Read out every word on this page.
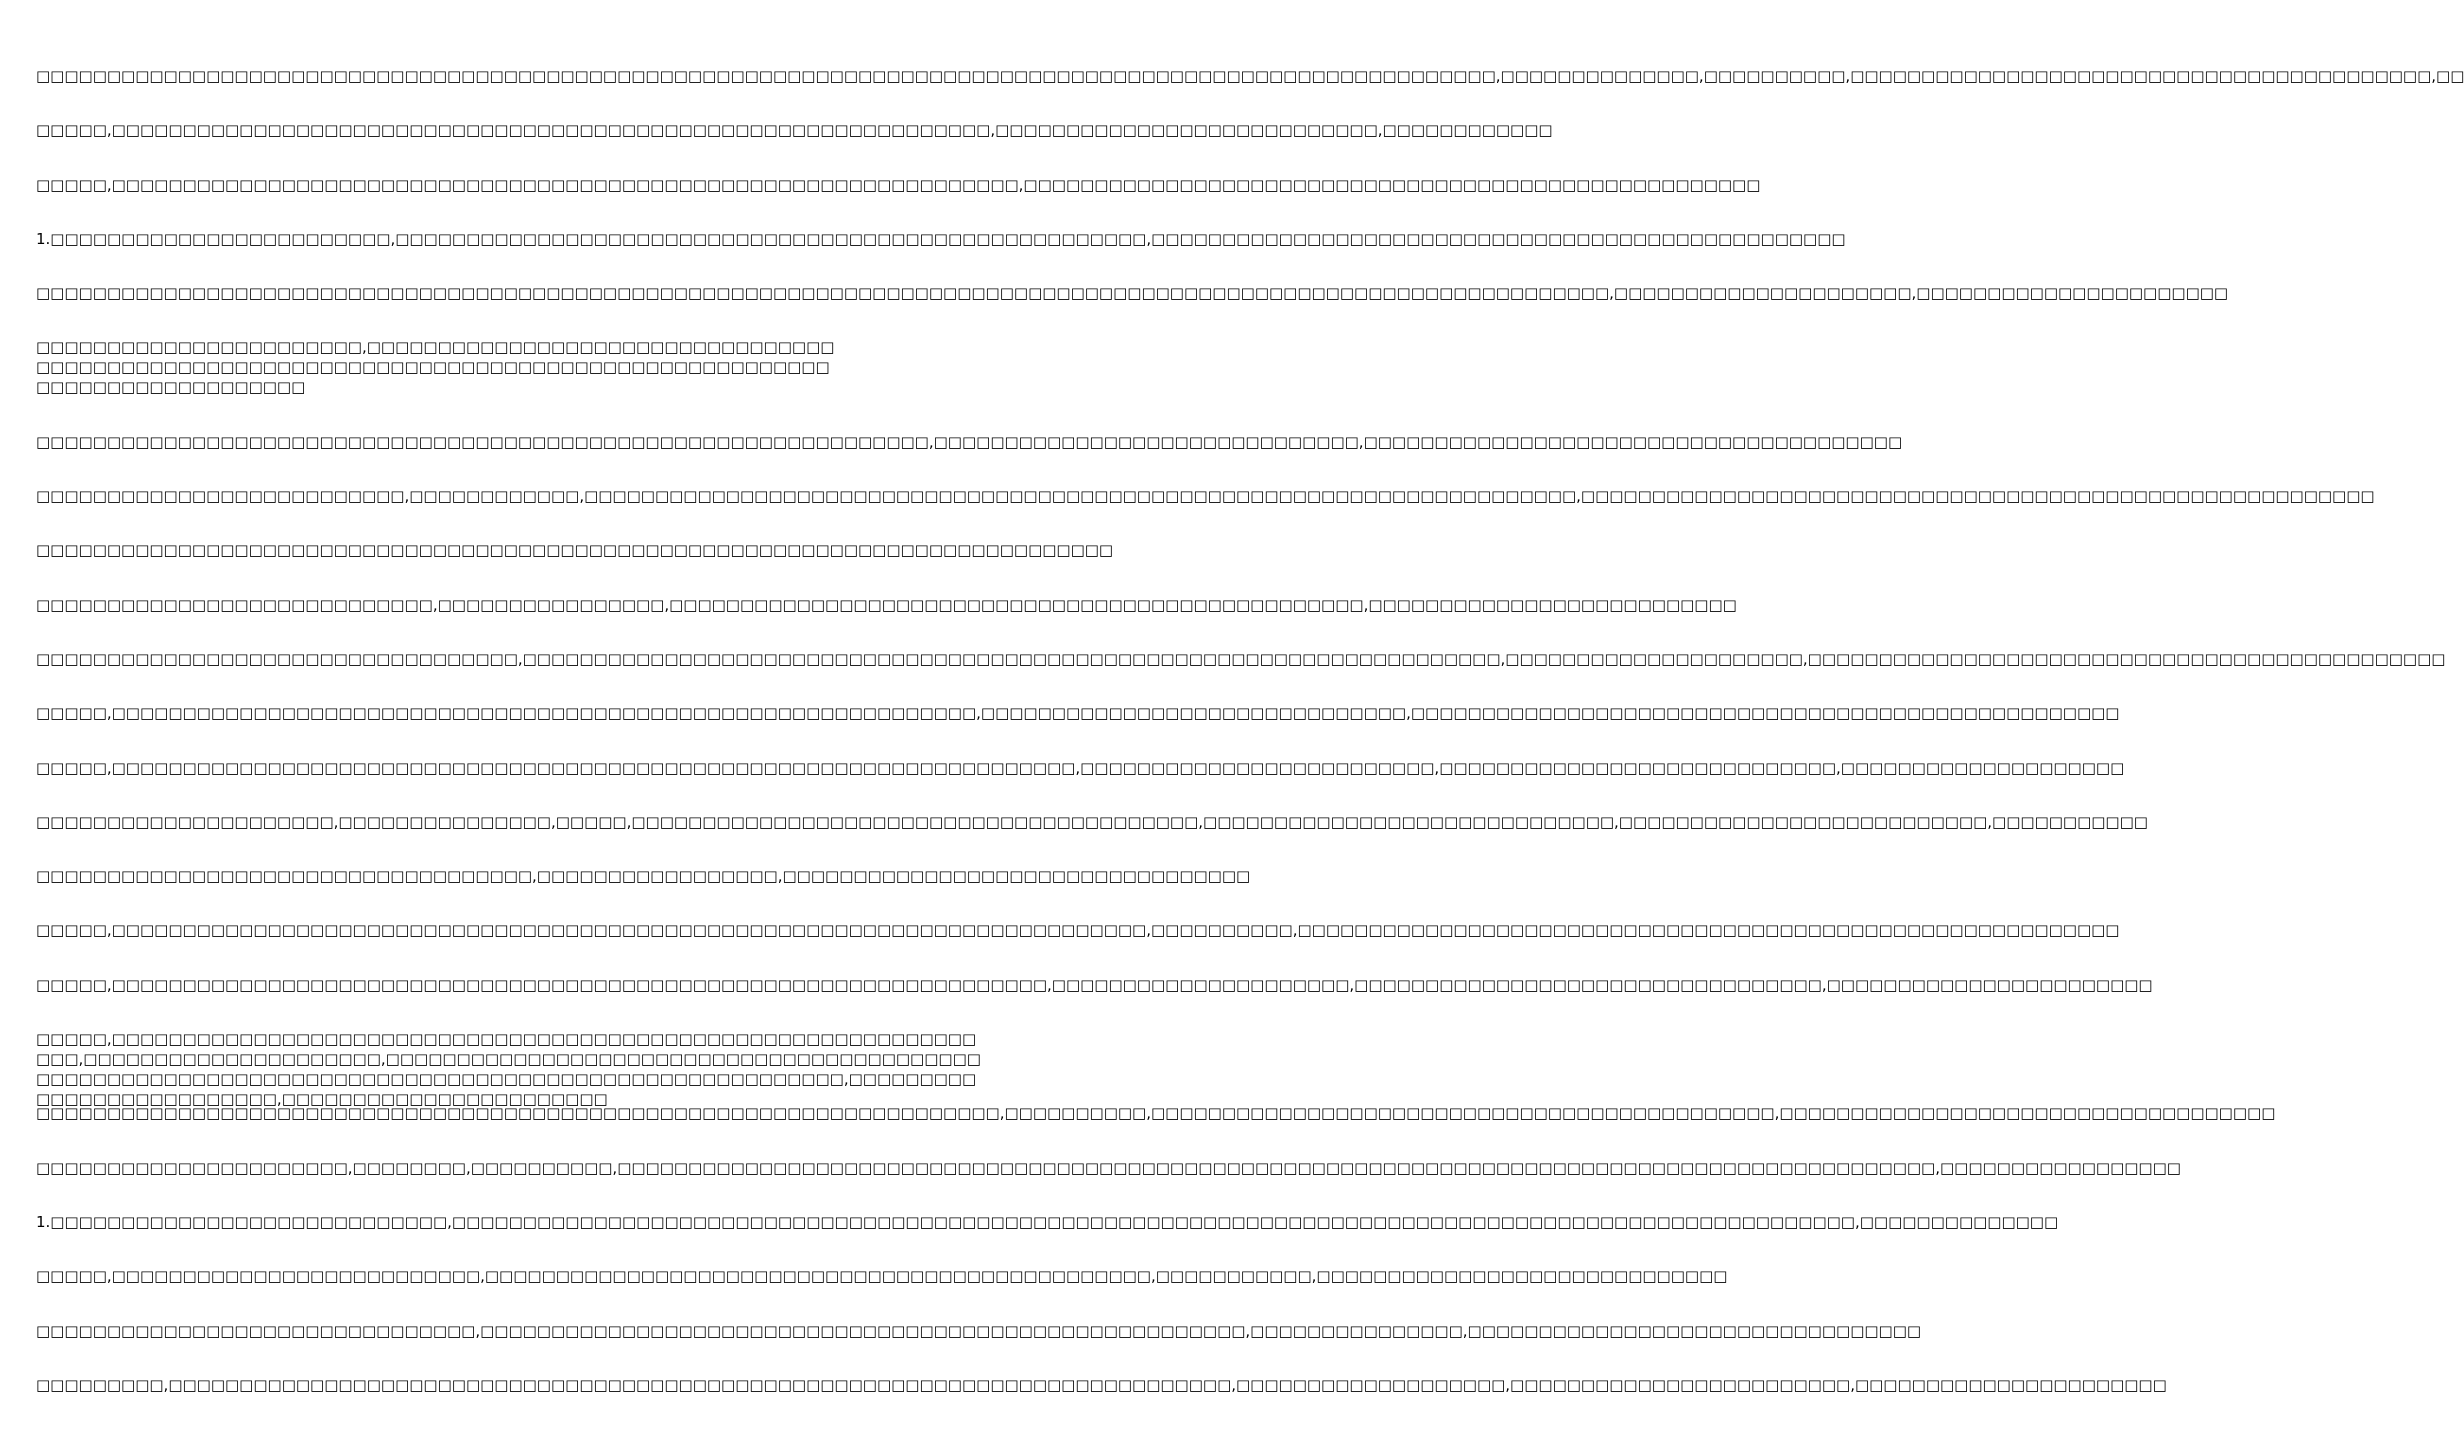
□□□□□□□□□□□□□□□□□□□□□□□□□□□□□□□□□□□□□□□□□□□□□□□□□□□□□□□□□□□□□□□□□□□□□□□□□□□□□□□□□□□□□□□□□□□□□□□□□□□□□□□,□□□□□□□□□□□□□□,□□□□□□□□□□,□□□□□□□□□□□□□□□□□□□□□□□□□□□□□□□□□□□□□□□□□,□□

□□□□□,□□□□□□□□□□□□□□□□□□□□□□□□□□□□□□□□□□□□□□□□□□□□□□□□□□□□□□□□□□□□□□,□□□□□□□□□□□□□□□□□□□□□□□□□□□,□□□□□□□□□□□□

□□□□□,□□□□□□□□□□□□□□□□□□□□□□□□□□□□□□□□□□□□□□□□□□□□□□□□□□□□□□□□□□□□□□□□,□□□□□□□□□□□□□□□□□□□□□□□□□□□□□□□□□□□□□□□□□□□□□□□□□□□□

1.□□□□□□□□□□□□□□□□□□□□□□□□,□□□□□□□□□□□□□□□□□□□□□□□□□□□□□□□□□□□□□□□□□□□□□□□□□□□□□,□□□□□□□□□□□□□□□□□□□□□□□□□□□□□□□□□□□□□□□□□□□□□□□□□

□□□□□□□□□□□□□□□□□□□□□□□□□□□□□□□□□□□□□□□□□□□□□□□□□□□□□□□□□□□□□□□□□□□□□□□□□□□□□□□□□□□□□□□□□□□□□□□□□□□□□□□□□□□□□□□,□□□□□□□□□□□□□□□□□□□□□,□□□□□□□□□□□□□□□□□□□□□□

□□□□□□□□□□□□□□□□□□□□□□□,□□□□□□□□□□□□□□□□□□□□□□□□□□□□□□□□□□□□□□□□□□□□□□□□□□□□□□□□□□□□□□□□□□□□□□□□□□□□□□□□□□□□□□□□□□□□□□□□□□□□□□□□□□□□

□□□□□□□□□□□□□□□□□□□□□□□□□□□□□□□□□□□□□□□□□□□□□□□□□□□□□□□□□□□□□□□,□□□□□□□□□□□□□□□□□□□□□□□□□□□□□□,□□□□□□□□□□□□□□□□□□□□□□□□□□□□□□□□□□□□□□

□□□□□□□□□□□□□□□□□□□□□□□□□□,□□□□□□□□□□□□,□□□□□□□□□□□□□□□□□□□□□□□□□□□□□□□□□□□□□□□□□□□□□□□□□□□□□□□□□□□□□□□□□□□□□□,□□□□□□□□□□□□□□□□□□□□□□□□□□□□□□□□□□□□□□□□□□□□□□□□□□□□□□□□

□□□□□□□□□□□□□□□□□□□□□□□□□□□□□□□□□□□□□□□□□□□□□□□□□□□□□□□□□□□□□□□□□□□□□□□□□□□□

□□□□□□□□□□□□□□□□□□□□□□□□□□□□,□□□□□□□□□□□□□□□□,□□□□□□□□□□□□□□□□□□□□□□□□□□□□□□□□□□□□□□□□□□□□□□□□□,□□□□□□□□□□□□□□□□□□□□□□□□□□

□□□□□□□□□□□□□□□□□□□□□□□□□□□□□□□□□□,□□□□□□□□□□□□□□□□□□□□□□□□□□□□□□□□□□□□□□□□□□□□□□□□□□□□□□□□□□□□□□□□□□□□□,□□□□□□□□□□□□□□□□□□□□□,□□□□□□□□□□□□□□□□□□□□□□□□□□□□□□□□□□□□□□□□□□□□□

□□□□□,□□□□□□□□□□□□□□□□□□□□□□□□□□□□□□□□□□□□□□□□□□□□□□□□□□□□□□□□□□□□□,□□□□□□□□□□□□□□□□□□□□□□□□□□□□□□,□□□□□□□□□□□□□□□□□□□□□□□□□□□□□□□□□□□□□□□□□□□□□□□□□□

□□□□□,□□□□□□□□□□□□□□□□□□□□□□□□□□□□□□□□□□□□□□□□□□□□□□□□□□□□□□□□□□□□□□□□□□□□,□□□□□□□□□□□□□□□□□□□□□□□□□,□□□□□□□□□□□□□□□□□□□□□□□□□□□□,□□□□□□□□□□□□□□□□□□□□

□□□□□□□□□□□□□□□□□□□□□,□□□□□□□□□□□□□□□,□□□□□,□□□□□□□□□□□□□□□□□□□□□□□□□□□□□□□□□□□□□□□□,□□□□□□□□□□□□□□□□□□□□□□□□□□□□□,□□□□□□□□□□□□□□□□□□□□□□□□□□,□□□□□□□□□□□

□□□□□□□□□□□□□□□□□□□□□□□□□□□□□□□□□□□,□□□□□□□□□□□□□□□□□,□□□□□□□□□□□□□□□□□□□□□□□□□□□□□□□□□

□□□□□,□□□□□□□□□□□□□□□□□□□□□□□□□□□□□□□□□□□□□□□□□□□□□□□□□□□□□□□□□□□□□□□□□□□□□□□□□,□□□□□□□□□□,□□□□□□□□□□□□□□□□□□□□□□□□□□□□□□□□□□□□□□□□□□□□□□□□□□□□□□□□□□

□□□□□,□□□□□□□□□□□□□□□□□□□□□□□□□□□□□□□□□□□□□□□□□□□□□□□□□□□□□□□□□□□□□□□□□□,□□□□□□□□□□□□□□□□□□□□□,□□□□□□□□□□□□□□□□□□□□□□□□□□□□□□□□□,□□□□□□□□□□□□□□□□□□□□□□□

□□□□□,□□□□□□□□□□□□□□□□□□□□□□□□□□□□□□□□□□□□□□□□□□□□□□□□□□□□□□□□□□□□□□□□,□□□□□□□□□□□□□□□□□□□□□,□□□□□□□□□□□□□□□□□□□□□□□□□□□□□□□□□□□□□□□□□□□□□□□□□□□□□□□□□□□□□□□□□□□□□□□□□□□□□□□□□□□□□□□□□□□□□□□□□□□,□□□□□□□□□□□□□□□□□□□□□□□□□□,□□□□□□□□□□□□□□□□□□□□□□□

□□□□□□□□□□□□□□□□□□□□□□□□□□□□□□□□□□□□□□□□□□□□□□□□□□□□□□□□□□□□□□□□□□□□,□□□□□□□□□□,□□□□□□□□□□□□□□□□□□□□□□□□□□□□□□□□□□□□□□□□□□□□,□□□□□□□□□□□□□□□□□□□□□□□□□□□□□□□□□□□

□□□□□□□□□□□□□□□□□□□□□□,□□□□□□□□,□□□□□□□□□□,□□□□□□□□□□□□□□□□□□□□□□□□□□□□□□□□□□□□□□□□□□□□□□□□□□□□□□□□□□□□□□□□□□□□□□□□□□□□□□□□□□□□□□□□□□□□□,□□□□□□□□□□□□□□□□□

1.□□□□□□□□□□□□□□□□□□□□□□□□□□□□,□□□□□□□□□□□□□□□□□□□□□□□□□□□□□□□□□□□□□□□□□□□□□□□□□□□□□□□□□□□□□□□□□□□□□□□□□□□□□□□□□□□□□□□□□□□□□□□□□□□,□□□□□□□□□□□□□□

□□□□□,□□□□□□□□□□□□□□□□□□□□□□□□□□,□□□□□□□□□□□□□□□□□□□□□□□□□□□□□□□□□□□□□□□□□□□□□□□,□□□□□□□□□□□,□□□□□□□□□□□□□□□□□□□□□□□□□□□□□

□□□□□□□□□□□□□□□□□□□□□□□□□□□□□□□,□□□□□□□□□□□□□□□□□□□□□□□□□□□□□□□□□□□□□□□□□□□□□□□□□□□□□□,□□□□□□□□□□□□□□□,□□□□□□□□□□□□□□□□□□□□□□□□□□□□□□□□

□□□□□□□□□,□□□□□□□□□□□□□□□□□□□□□□□□□□□□□□□□□□□□□□□□□□□□□□□□□□□□□□□□□□□□□□□□□□□□□□□□□□□,□□□□□□□□□□□□□□□□□□□,□□□□□□□□□□□□□□□□□□□□□□□□,□□□□□□□□□□□□□□□□□□□□□□
